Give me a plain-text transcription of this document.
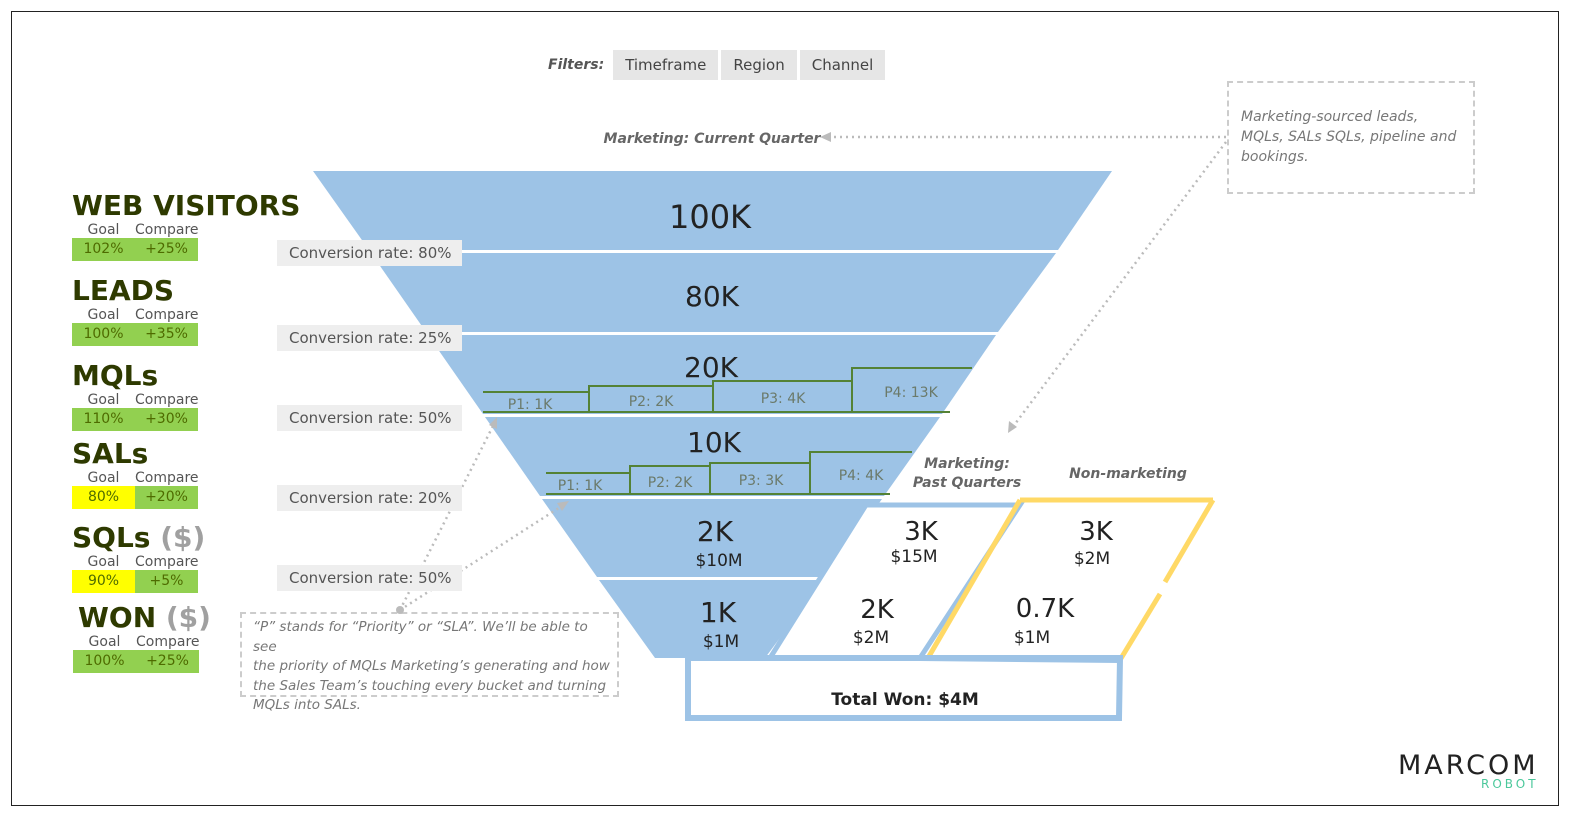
Filters:	Timeframe	Region	Channel
Marketing-sourced leads,
MQLs, SALs SQLs, pipeline and
bookings.
“P” stands for “Priority” or “SLA”. We’ll be able to see
the priority of MQLs Marketing’s generating and how
the Sales Team’s touching every bucket and turning
MQLs into SALs.
WEB VISITORS
Goal	Compare
102%	+25%
LEADS
Goal	Compare
100%	+35%
MQLs
Goal	Compare
110%	+30%
SALs
Goal	Compare
80%	+20%
SQLs ($)
Goal	Compare
90%	+5%
WON ($)
Goal	Compare
100%	+25%
Marketing: Current Quarter
Marketing:
Past Quarters
Non-marketing
100K
80K
20K
10K
2K
$10M
1K
$1M
P1: 1K	P2: 2K	P3: 4K	P4: 13K
P1: 1K	P2: 2K	P3: 3K	P4: 4K
3K
$15M
2K
$2M
3K
$2M
0.7K
$1M
Total Won: $4M
Conversion rate: 80%
Conversion rate: 25%
Conversion rate: 50%
Conversion rate: 20%
Conversion rate: 50%
MARCOM
ROBOT
